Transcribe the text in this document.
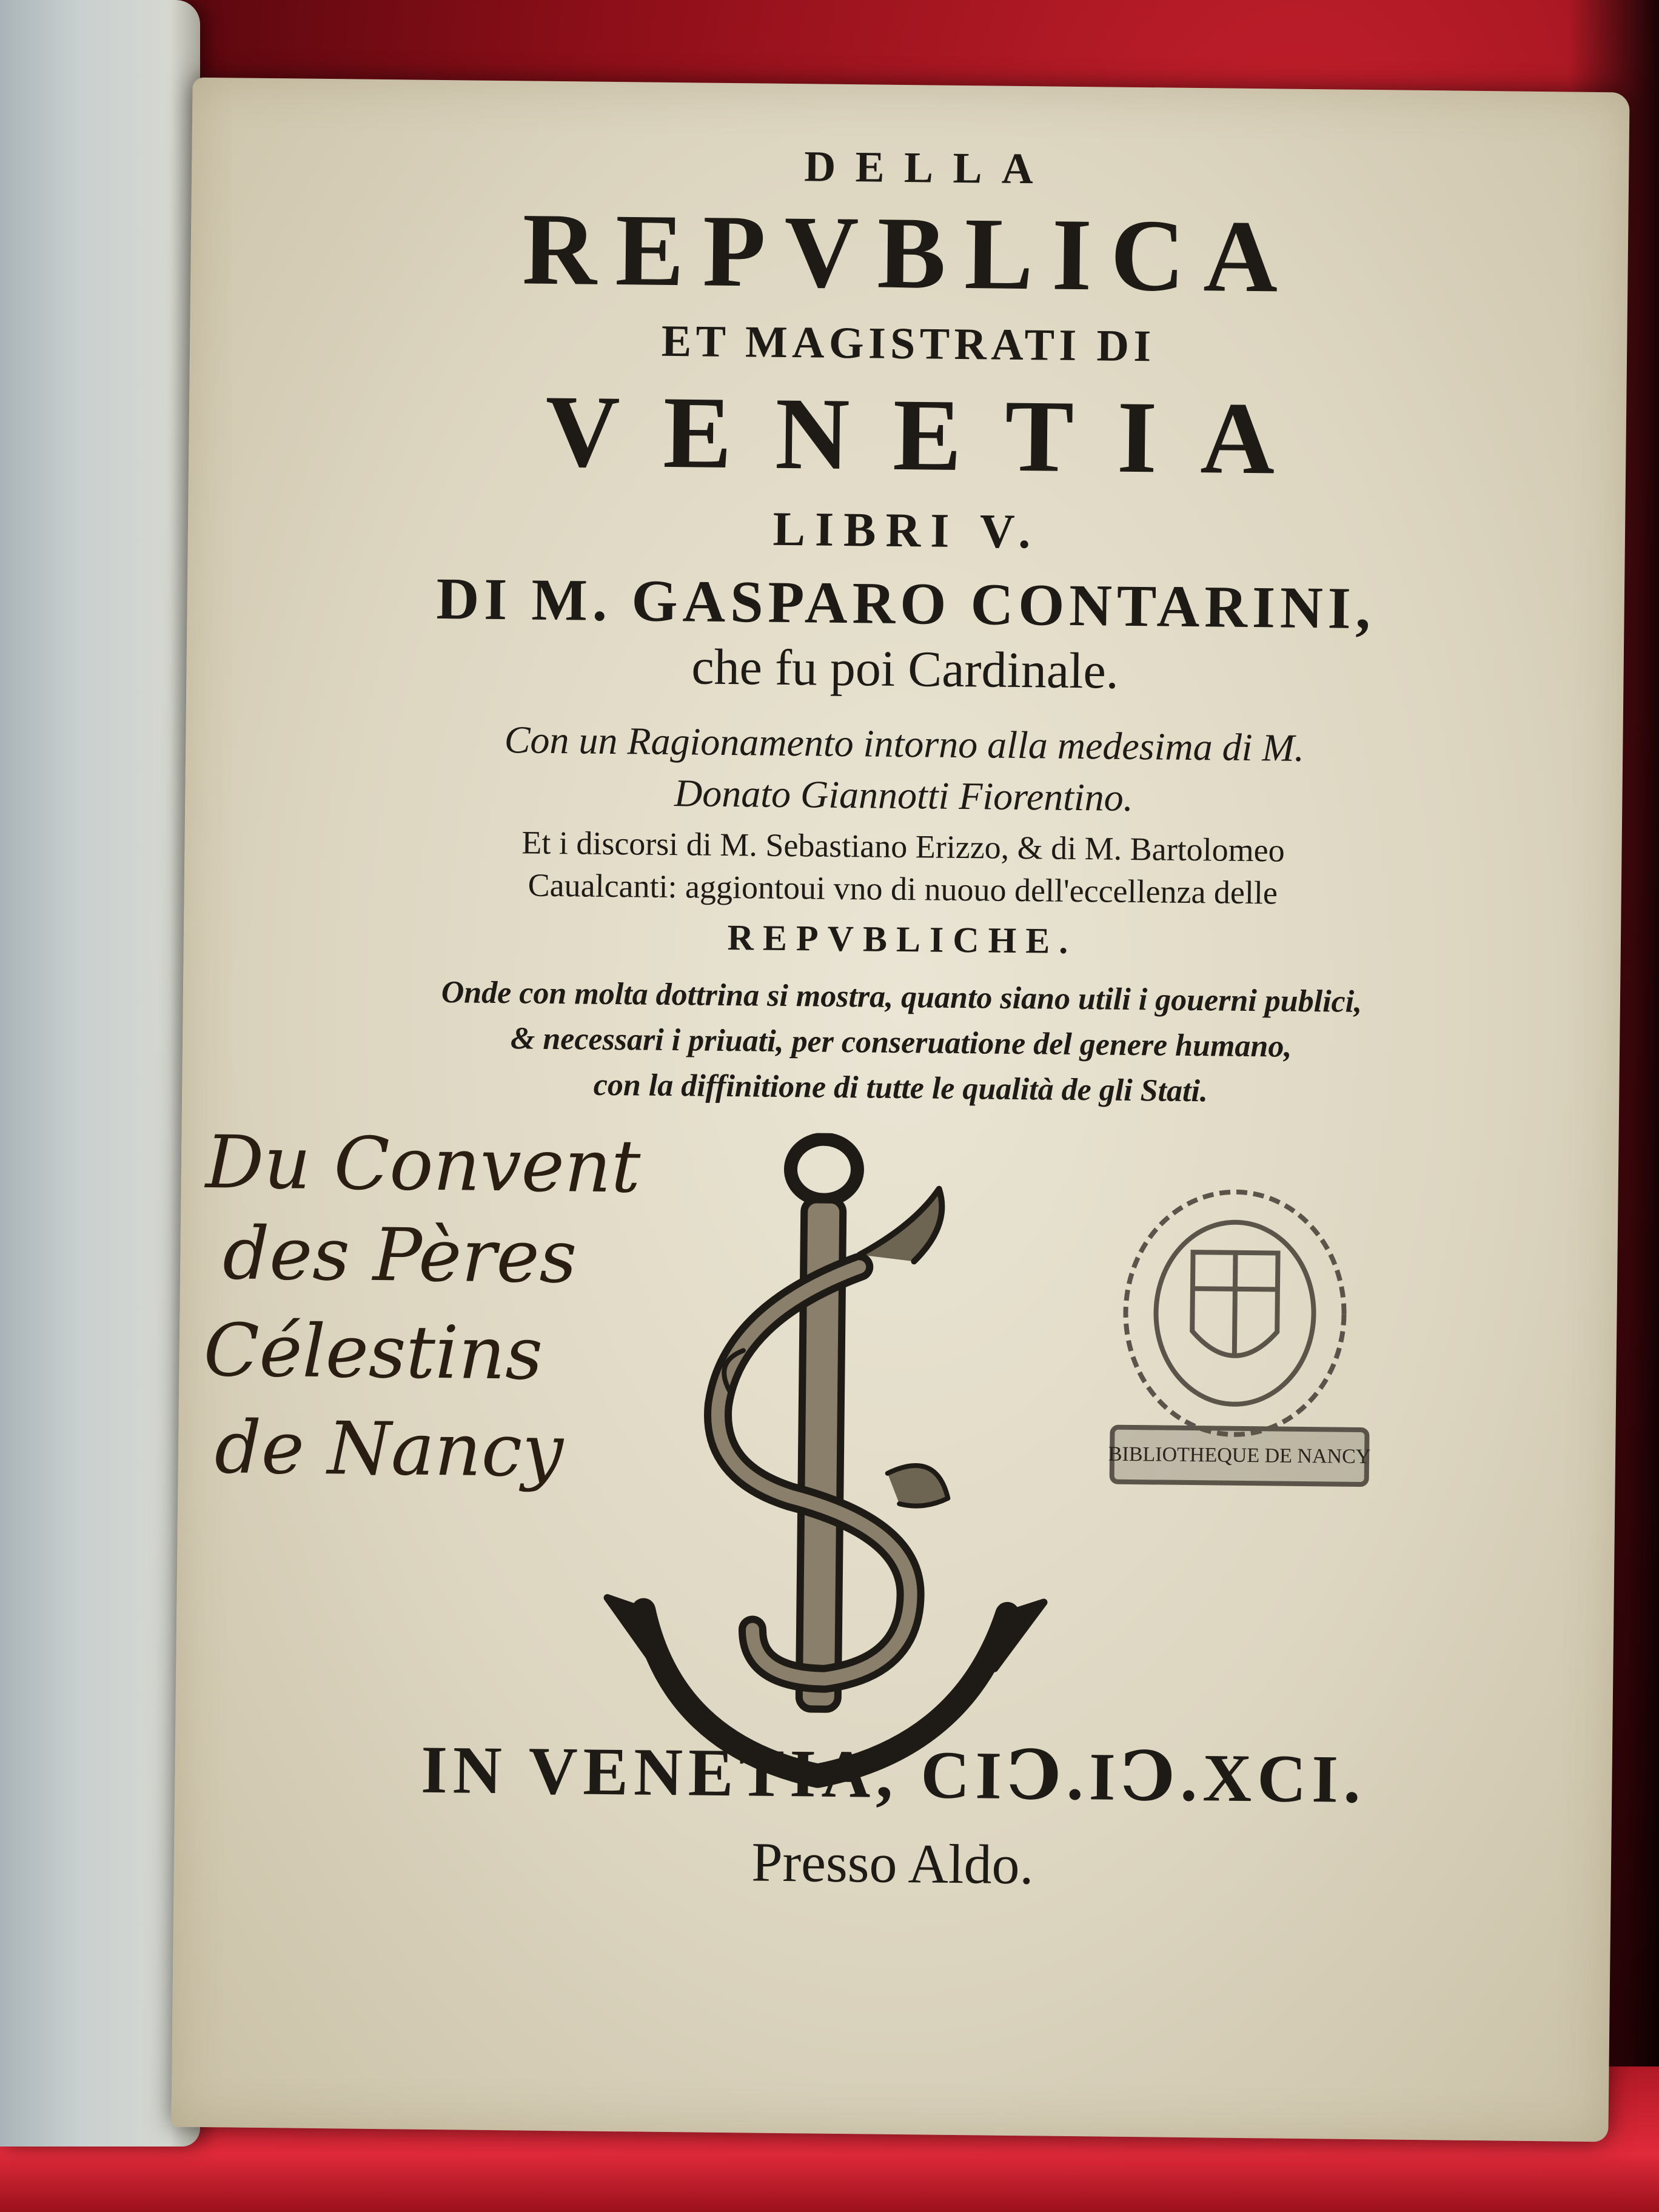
DELLA
REPVBLICA
ET MAGISTRATI DI
VENETIA
LIBRI V.
DI M. GASPARO CONTARINI,
che fu poi Cardinale.
Con un Ragionamento intorno alla medesima di M.
Donato Giannotti Fiorentino.
Et i discorsi di M. Sebastiano Erizzo, & di M. Bartolomeo
Caualcanti: aggiontoui vno di nuouo dell'eccellenza delle
REPVBLICHE.
Onde con molta dottrina si mostra, quanto siano utili i gouerni publici,
& necessari i priuati, per conseruatione del genere humano,
con la diffinitione di tutte le qualità de gli Stati.
Du Convent
des Pères
Célestins
de Nancy	BIBLIOTHEQUE DE NANCY
IN VENETIA, CIↃ.IↃ.XCI.
Presso Aldo.
